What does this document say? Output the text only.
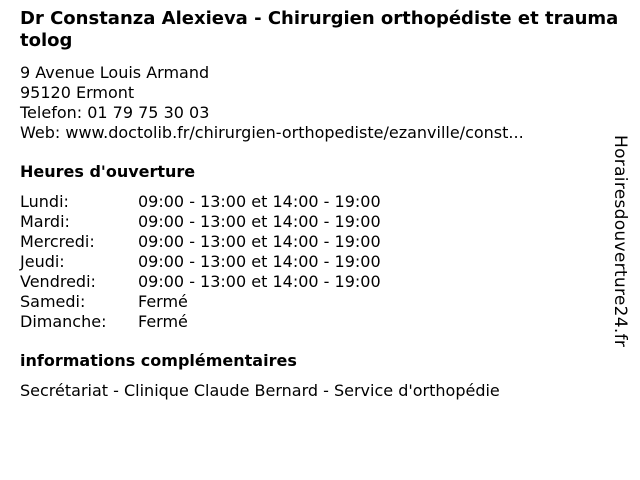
Dr Constanza Alexieva - Chirurgien orthopédiste et traumatolog
9 Avenue Louis Armand
95120 Ermont
Telefon: 01 79 75 30 03
Web: www.doctolib.fr/chirurgien-orthopediste/ezanville/const...
Heures d'ouverture
Lundi:	09:00 - 13:00 et 14:00 - 19:00
Mardi:	09:00 - 13:00 et 14:00 - 19:00
Mercredi:	09:00 - 13:00 et 14:00 - 19:00
Jeudi:	09:00 - 13:00 et 14:00 - 19:00
Vendredi:	09:00 - 13:00 et 14:00 - 19:00
Samedi:	Fermé
Dimanche:	Fermé
informations complémentaires
Secrétariat - Clinique Claude Bernard - Service d'orthopédie
Horairesdouverture24.fr
